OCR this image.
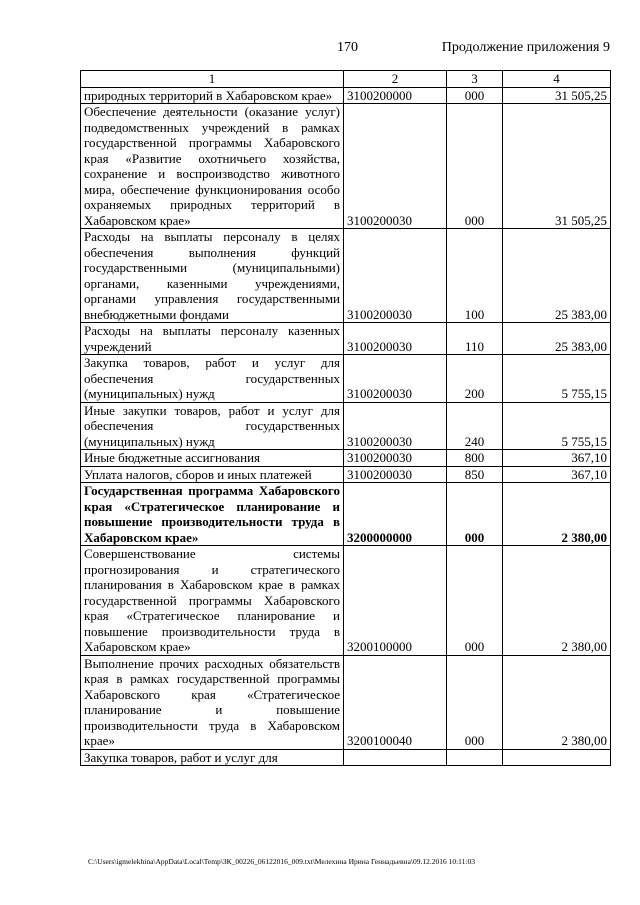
170	Продолжение приложения 9
1	2	3	4
природных территорий в Хабаровском крае»	3100200000	000	31 505,25
Обеспечение деятельности (оказание услуг) подведомственных учреждений в рамках государственной программы Хабаровского края «Развитие охотничьего хозяйства, сохранение и воспроизводство животного мира, обеспечение функционирования особо охраняемых природных территорий в Хабаровском крае»	3100200030	000	31 505,25
Расходы на выплаты персоналу в целях обеспечения выполнения функций государственными (муниципальными) органами, казенными учреждениями, органами управления государственными внебюджетными фондами	3100200030	100	25 383,00
Расходы на выплаты персоналу казенных учреждений	3100200030	110	25 383,00
Закупка товаров, работ и услуг для обеспечения государственных (муниципальных) нужд	3100200030	200	5 755,15
Иные закупки товаров, работ и услуг для обеспечения государственных (муниципальных) нужд	3100200030	240	5 755,15
Иные бюджетные ассигнования	3100200030	800	367,10
Уплата налогов, сборов и иных платежей	3100200030	850	367,10
Государственная программа Хабаровского края «Стратегическое планирование и повышение производительности труда в Хабаровском крае»	3200000000	000	2 380,00
Совершенствование системы прогнозирования и стратегического планирования в Хабаровском крае в рамках государственной программы Хабаровского края «Стратегическое планирование и повышение производительности труда в Хабаровском крае»	3200100000	000	2 380,00
Выполнение прочих расходных обязательств края в рамках государственной программы Хабаровского края «Стратегическое планирование и повышение производительности труда в Хабаровском крае»	3200100040	000	2 380,00
Закупка товаров, работ и услуг для			
C:\Users\igmelekhina\AppData\Local\Temp\ЗК_00226_06122016_009.txt\Мелехина Ирина Геннадьевна\09.12.2016 10:11:03
